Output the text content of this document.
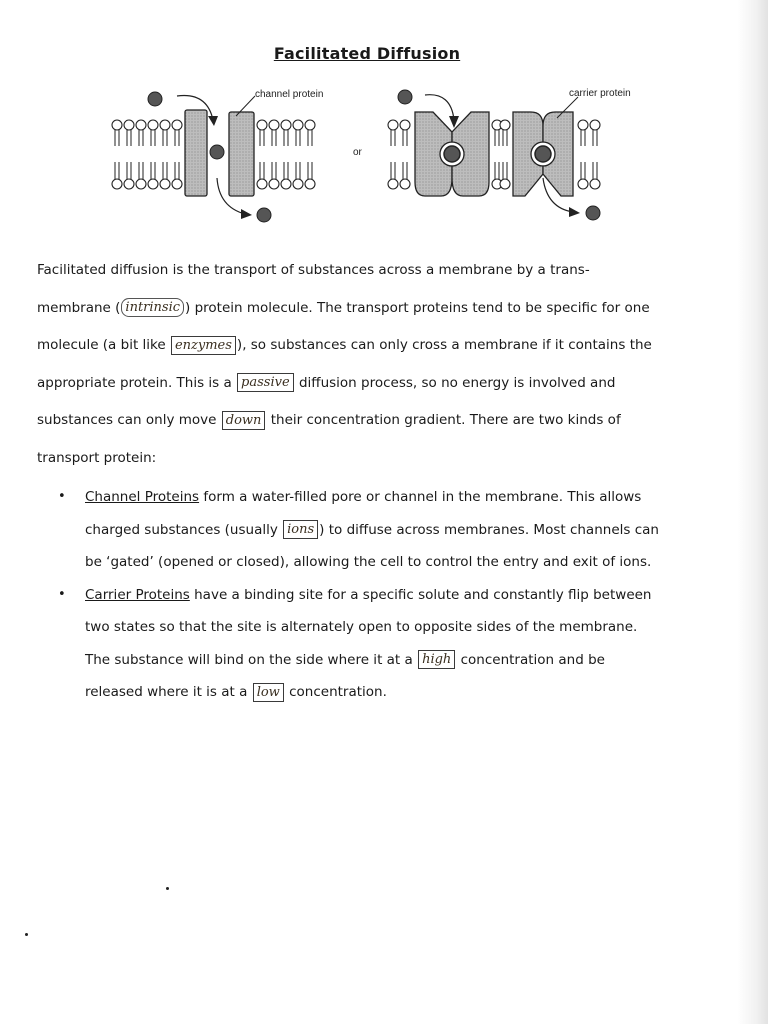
Facilitated Diffusion
channel protein
or
carrier protein
Facilitated diffusion is the transport of substances across a membrane by a trans-
membrane ( intrinsic ) protein molecule. The transport proteins tend to be specific for one
molecule (a bit like enzymes ), so substances can only cross a membrane if it contains the
appropriate protein. This is a passive diffusion process, so no energy is involved and
substances can only move down their concentration gradient. There are two kinds of
transport protein:
• Channel Proteins form a water-filled pore or channel in the membrane. This allows
charged substances (usually ions ) to diffuse across membranes. Most channels can
be ‘gated’ (opened or closed), allowing the cell to control the entry and exit of ions.
• Carrier Proteins have a binding site for a specific solute and constantly flip between
two states so that the site is alternately open to opposite sides of the membrane.
The substance will bind on the side where it at a high concentration and be
released where it is at a low concentration.
